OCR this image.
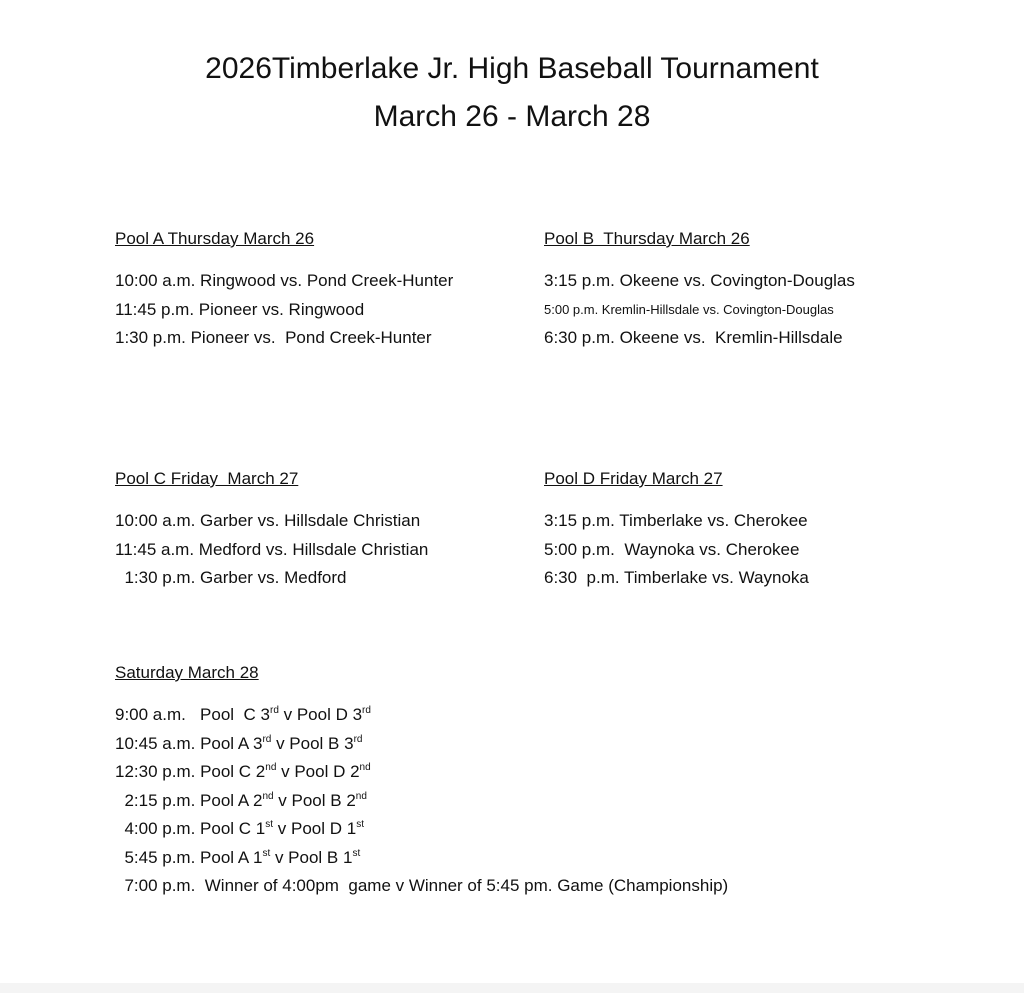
2026Timberlake Jr. High Baseball Tournament
March 26 - March 28
Pool A Thursday March 26
10:00 a.m. Ringwood vs. Pond Creek-Hunter
11:45 p.m. Pioneer vs. Ringwood
1:30 p.m. Pioneer vs.  Pond Creek-Hunter
Pool B  Thursday March 26
3:15 p.m. Okeene vs. Covington-Douglas
5:00 p.m. Kremlin-Hillsdale vs. Covington-Douglas
6:30 p.m. Okeene vs.  Kremlin-Hillsdale
Pool C Friday  March 27
10:00 a.m. Garber vs. Hillsdale Christian
11:45 a.m. Medford vs. Hillsdale Christian
1:30 p.m. Garber vs. Medford
Pool D Friday March 27
3:15 p.m. Timberlake vs. Cherokee
5:00 p.m.  Waynoka vs. Cherokee
6:30  p.m. Timberlake vs. Waynoka
Saturday March 28
9:00 a.m.   Pool  C 3rd v Pool D 3rd
10:45 a.m. Pool A 3rd v Pool B 3rd
12:30 p.m. Pool C 2nd v Pool D 2nd
2:15 p.m. Pool A 2nd v Pool B 2nd
4:00 p.m. Pool C 1st v Pool D 1st
5:45 p.m. Pool A 1st v Pool B 1st
7:00 p.m.  Winner of 4:00pm  game v Winner of 5:45 pm. Game (Championship)
